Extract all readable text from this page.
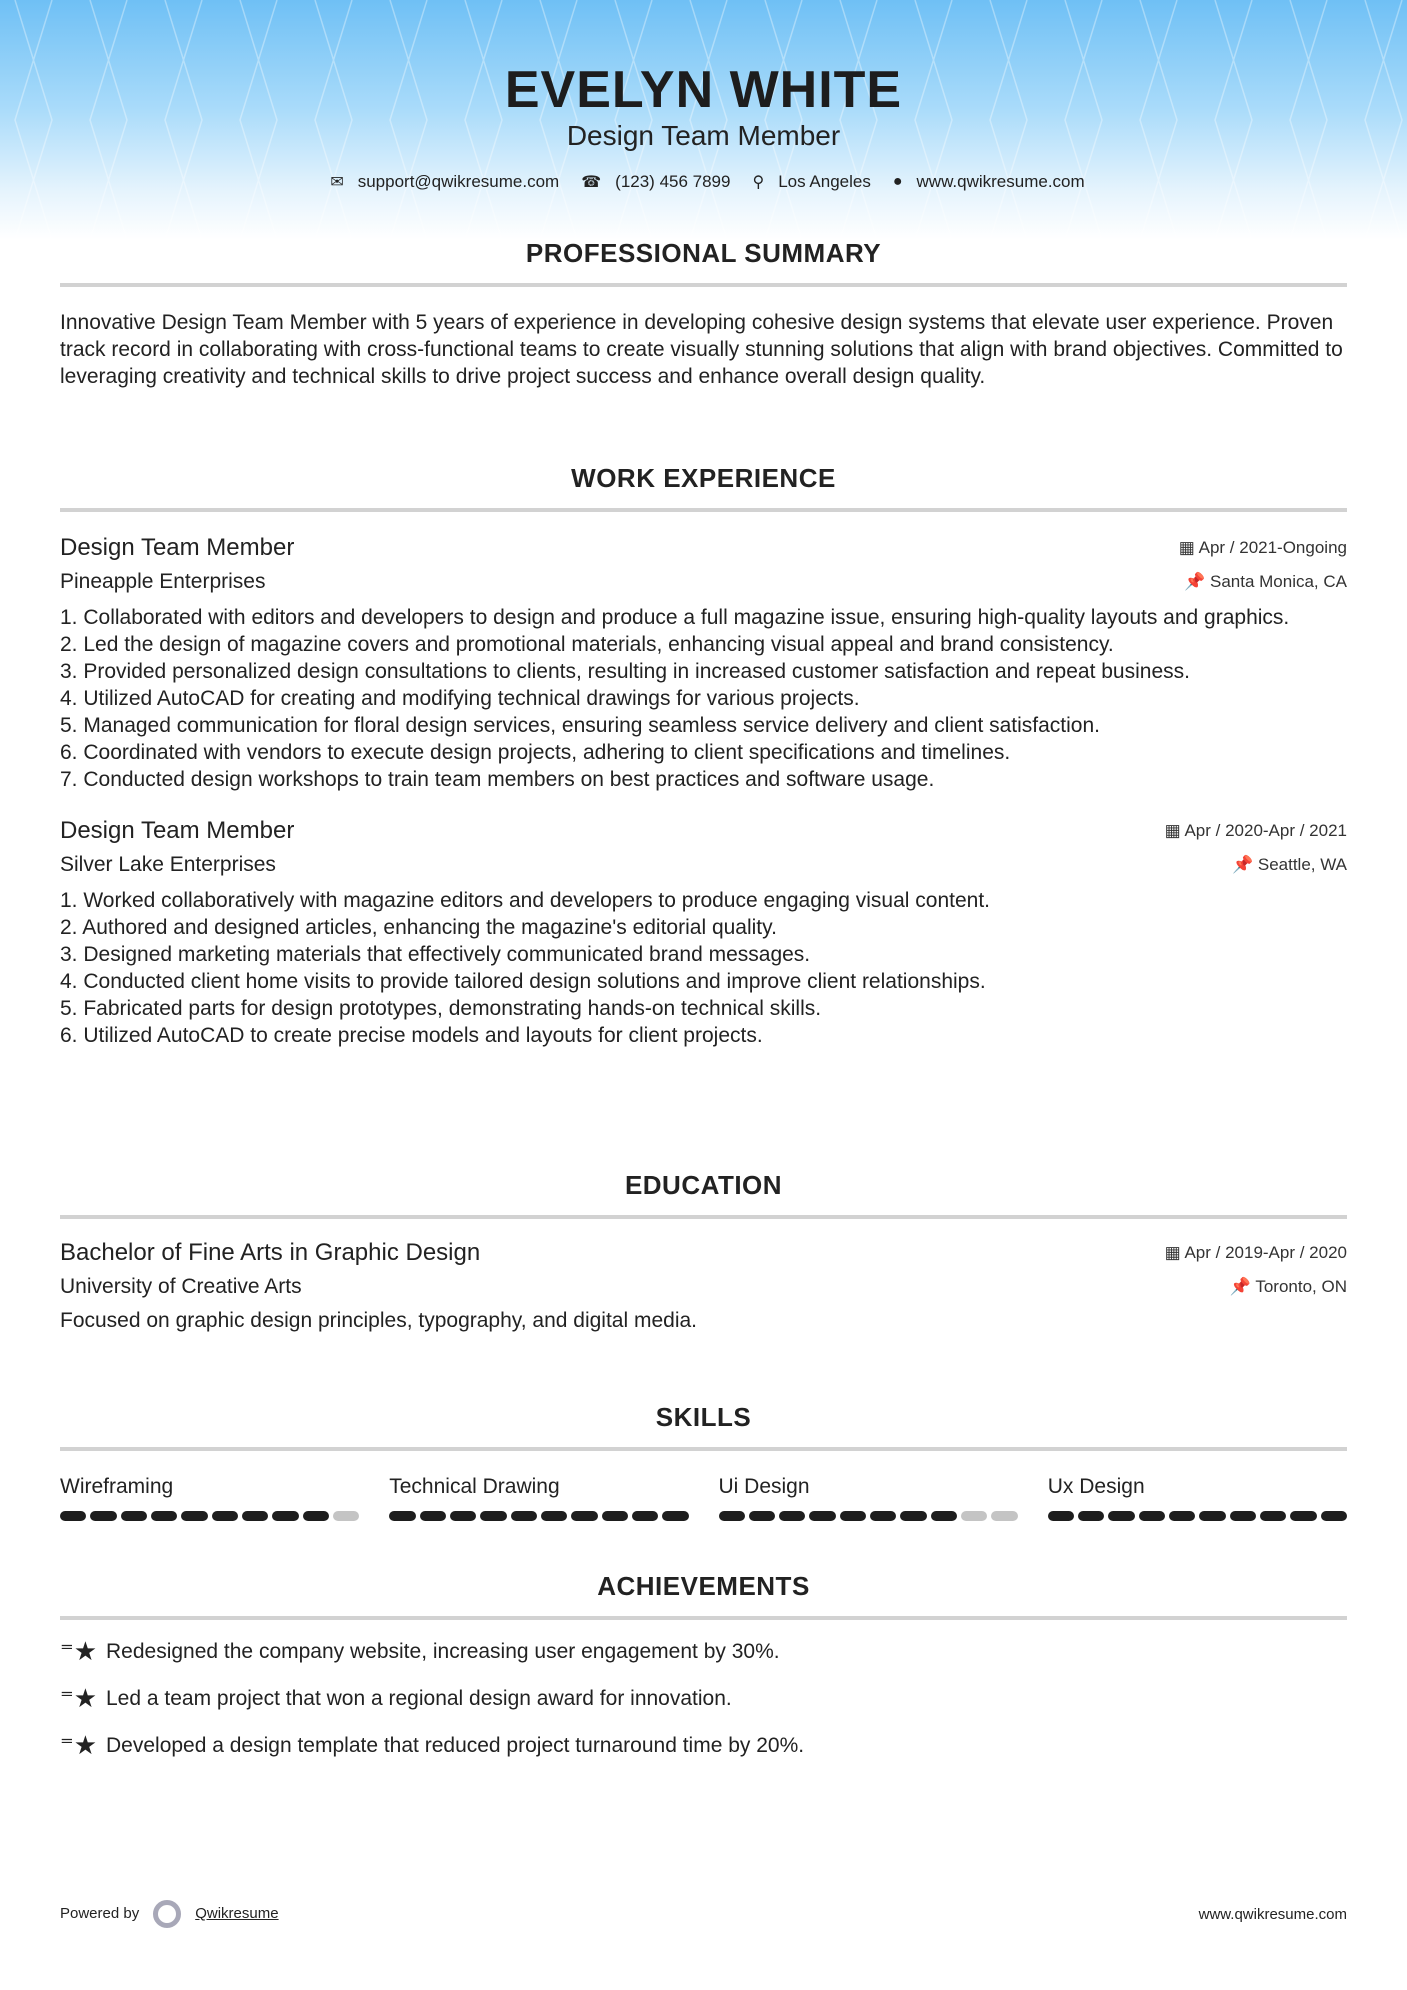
EVELYN WHITE
Design Team Member
✉ support@qwikresume.com ☎ (123) 456 7899 ⚲ Los Angeles ● www.qwikresume.com
PROFESSIONAL SUMMARY

Innovative Design Team Member with 5 years of experience in developing cohesive design systems that elevate user experience. Proven track record in collaborating with cross-functional teams to create visually stunning solutions that align with brand objectives. Committed to leveraging creativity and technical skills to drive project success and enhance overall design quality.

WORK EXPERIENCE
Design Team Member	▦ Apr / 2021-Ongoing
Pineapple Enterprises	📌 Santa Monica, CA
1. Collaborated with editors and developers to design and produce a full magazine issue, ensuring high-quality layouts and graphics.
2. Led the design of magazine covers and promotional materials, enhancing visual appeal and brand consistency.
3. Provided personalized design consultations to clients, resulting in increased customer satisfaction and repeat business.
4. Utilized AutoCAD for creating and modifying technical drawings for various projects.
5. Managed communication for floral design services, ensuring seamless service delivery and client satisfaction.
6. Coordinated with vendors to execute design projects, adhering to client specifications and timelines.
7. Conducted design workshops to train team members on best practices and software usage.
Design Team Member	▦ Apr / 2020-Apr / 2021
Silver Lake Enterprises	📌 Seattle, WA
1. Worked collaboratively with magazine editors and developers to produce engaging visual content.
2. Authored and designed articles, enhancing the magazine's editorial quality.
3. Designed marketing materials that effectively communicated brand messages.
4. Conducted client home visits to provide tailored design solutions and improve client relationships.
5. Fabricated parts for design prototypes, demonstrating hands-on technical skills.
6. Utilized AutoCAD to create precise models and layouts for client projects.
EDUCATION
Bachelor of Fine Arts in Graphic Design	▦ Apr / 2019-Apr / 2020
University of Creative Arts	📌 Toronto, ON

Focused on graphic design principles, typography, and digital media.

SKILLS
Wireframing	Technical Drawing	Ui Design	Ux Design
ACHIEVEMENTS
⁼★ Redesigned the company website, increasing user engagement by 30%.
⁼★ Led a team project that won a regional design award for innovation.
⁼★ Developed a design template that reduced project turnaround time by 20%.
Powered by	Qwikresume	www.qwikresume.com
